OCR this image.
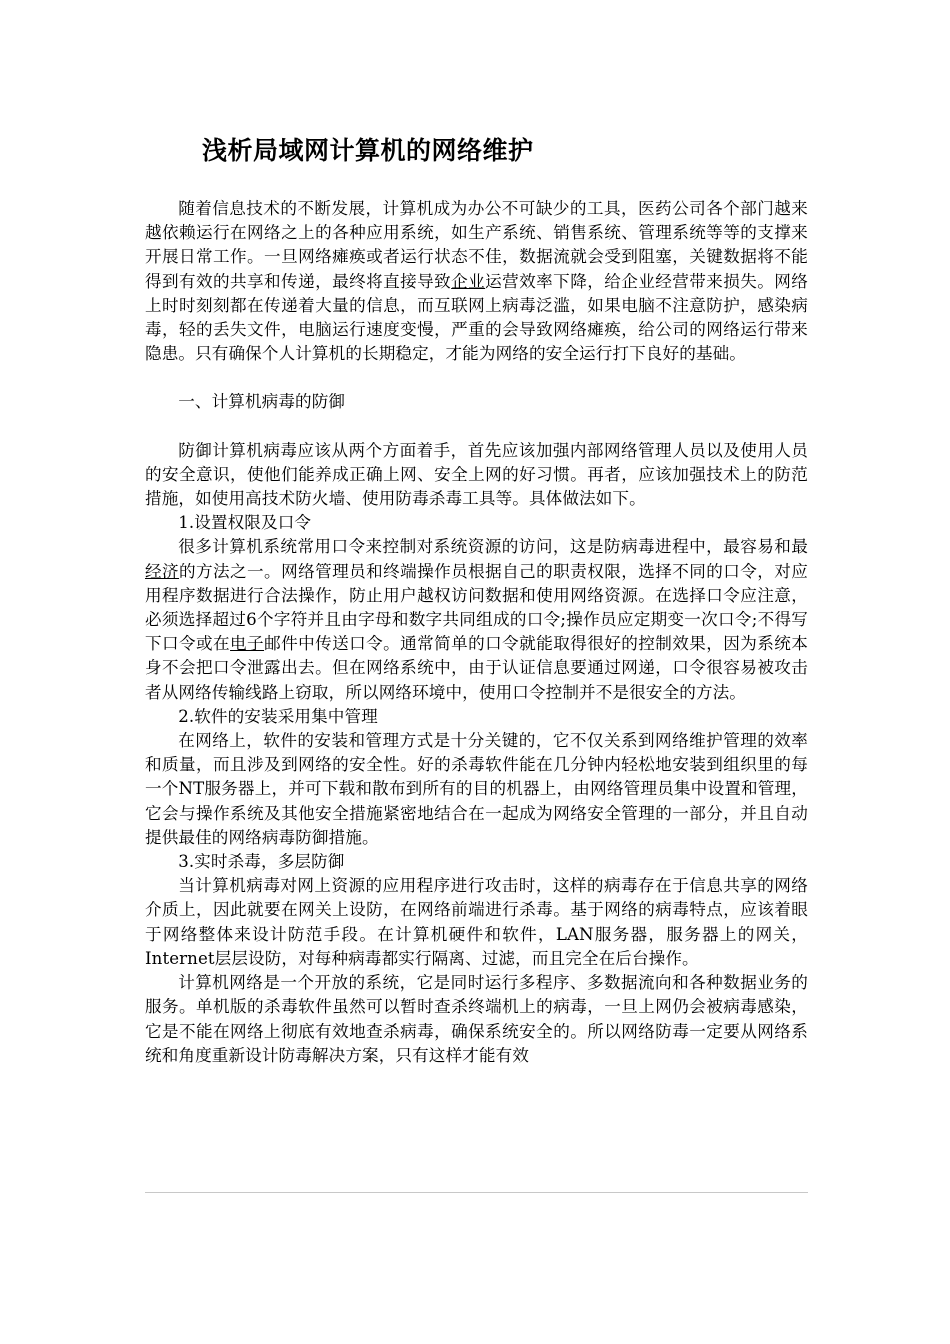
浅析局域网计算机的网络维护

随着信息技术的不断发展，计算机成为办公不可缺少的工具，医药公司各个部门越来越依赖运行在网络之上的各种应用系统，如生产系统、销售系统、管理系统等等的支撑来开展日常工作。一旦网络瘫痪或者运行状态不佳，数据流就会受到阻塞，关键数据将不能得到有效的共享和传递，最终将直接导致企业运营效率下降，给企业经营带来损失。网络上时时刻刻都在传递着大量的信息，而互联网上病毒泛滥，如果电脑不注意防护，感染病毒，轻的丢失文件，电脑运行速度变慢，严重的会导致网络瘫痪，给公司的网络运行带来隐患。只有确保个人计算机的长期稳定，才能为网络的安全运行打下良好的基础。

一、计算机病毒的防御

防御计算机病毒应该从两个方面着手，首先应该加强内部网络管理人员以及使用人员的安全意识，使他们能养成正确上网、安全上网的好习惯。再者，应该加强技术上的防范措施，如使用高技术防火墙、使用防毒杀毒工具等。具体做法如下。

1.设置权限及口令

很多计算机系统常用口令来控制对系统资源的访问，这是防病毒进程中，最容易和最经济的方法之一。网络管理员和终端操作员根据自己的职责权限，选择不同的口令，对应用程序数据进行合法操作，防止用户越权访问数据和使用网络资源。在选择口令应注意，必须选择超过6个字符并且由字母和数字共同组成的口令;操作员应定期变一次口令;不得写下口令或在电子邮件中传送口令。通常简单的口令就能取得很好的控制效果，因为系统本身不会把口令泄露出去。但在网络系统中，由于认证信息要通过网递，口令很容易被攻击者从网络传输线路上窃取，所以网络环境中，使用口令控制并不是很安全的方法。

2.软件的安装采用集中管理

在网络上，软件的安装和管理方式是十分关键的，它不仅关系到网络维护管理的效率和质量，而且涉及到网络的安全性。好的杀毒软件能在几分钟内轻松地安装到组织里的每一个NT服务器上，并可下载和散布到所有的目的机器上，由网络管理员集中设置和管理，它会与操作系统及其他安全措施紧密地结合在一起成为网络安全管理的一部分，并且自动提供最佳的网络病毒防御措施。

3.实时杀毒，多层防御

当计算机病毒对网上资源的应用程序进行攻击时，这样的病毒存在于信息共享的网络介质上，因此就要在网关上设防，在网络前端进行杀毒。基于网络的病毒特点，应该着眼于网络整体来设计防范手段。在计算机硬件和软件，LAN服务器，服务器上的网关，Internet层层设防，对每种病毒都实行隔离、过滤，而且完全在后台操作。

计算机网络是一个开放的系统，它是同时运行多程序、多数据流向和各种数据业务的服务。单机版的杀毒软件虽然可以暂时查杀终端机上的病毒，一旦上网仍会被病毒感染，它是不能在网络上彻底有效地查杀病毒，确保系统安全的。所以网络防毒一定要从网络系统和角度重新设计防毒解决方案，只有这样才能有效
